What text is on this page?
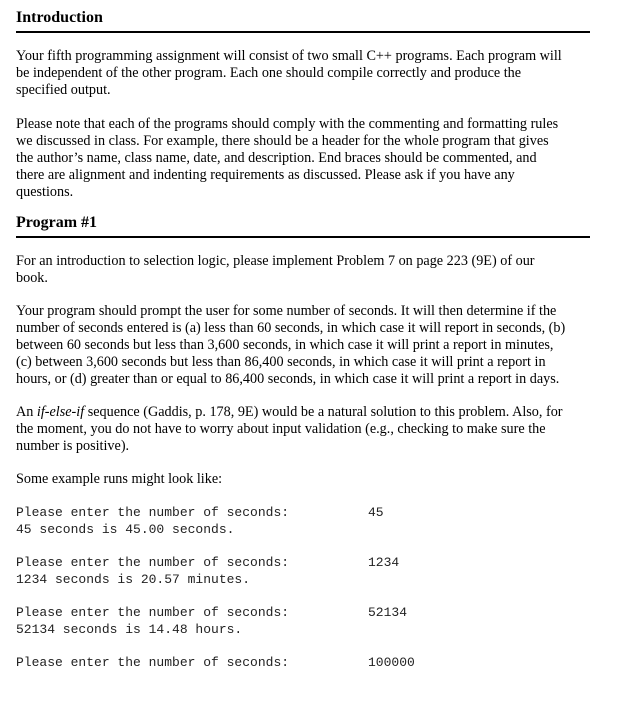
Introduction

Your fifth programming assignment will consist of two small C++ programs. Each program will
be independent of the other program. Each one should compile correctly and produce the
specified output.

Please note that each of the programs should comply with the commenting and formatting rules
we discussed in class. For example, there should be a header for the whole program that gives
the author’s name, class name, date, and description. End braces should be commented, and
there are alignment and indenting requirements as discussed. Please ask if you have any
questions.

Program #1

For an introduction to selection logic, please implement Problem 7 on page 223 (9E) of our
book.

Your program should prompt the user for some number of seconds. It will then determine if the
number of seconds entered is (a) less than 60 seconds, in which case it will report in seconds, (b)
between 60 seconds but less than 3,600 seconds, in which case it will print a report in minutes,
(c) between 3,600 seconds but less than 86,400 seconds, in which case it will print a report in
hours, or (d) greater than or equal to 86,400 seconds, in which case it will print a report in days.

An if-else-if sequence (Gaddis, p. 178, 9E) would be a natural solution to this problem. Also, for
the moment, you do not have to worry about input validation (e.g., checking to make sure the
number is positive).

Some example runs might look like:

Please enter the number of seconds:	45
45 seconds is 45.00 seconds.
Please enter the number of seconds:	1234
1234 seconds is 20.57 minutes.
Please enter the number of seconds:	52134
52134 seconds is 14.48 hours.
Please enter the number of seconds:	100000
